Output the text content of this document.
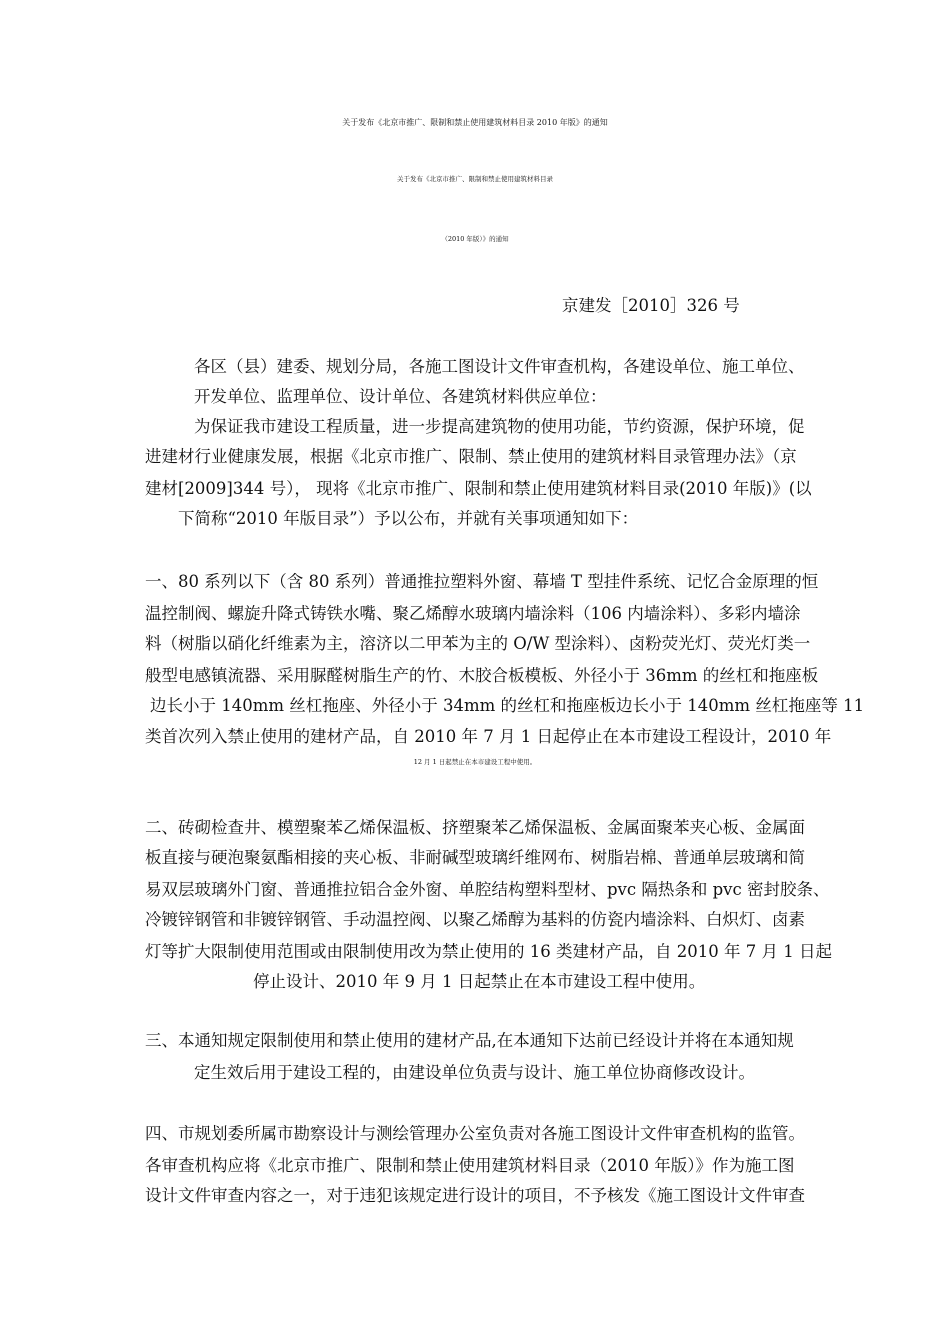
关于发布《北京市推广、限制和禁止使用建筑材料目录 2010 年版》的通知
关于发布《北京市推广、限制和禁止使用建筑材料目录
（2010 年版）》的通知
京建发［2010］326 号
各区（县）建委、规划分局，各施工图设计文件审查机构，各建设单位、施工单位、
开发单位、监理单位、设计单位、各建筑材料供应单位：
为保证我市建设工程质量，进一步提高建筑物的使用功能，节约资源，保护环境，促
进建材行业健康发展，根据《北京市推广、限制、禁止使用的建筑材料目录管理办法》（京
建材[2009]344 号）， 现将《北京市推广、限制和禁止使用建筑材料目录(2010 年版)》(以
下简称“2010 年版目录”）予以公布，并就有关事项通知如下：
一、80 系列以下（含 80 系列）普通推拉塑料外窗、幕墙 T 型挂件系统、记忆合金原理的恒
温控制阀、螺旋升降式铸铁水嘴、聚乙烯醇水玻璃内墙涂料（106 内墙涂料）、多彩内墙涂
料（树脂以硝化纤维素为主，溶济以二甲苯为主的 O/W 型涂料）、卤粉荧光灯、荧光灯类一
般型电感镇流器、采用脲醛树脂生产的竹、木胶合板模板、外径小于 36mm 的丝杠和拖座板
边长小于 140mm 丝杠拖座、外径小于 34mm 的丝杠和拖座板边长小于 140mm 丝杠拖座等 11
类首次列入禁止使用的建材产品，自 2010 年 7 月 1 日起停止在本市建设工程设计，2010 年
12 月 1 日起禁止在本市建设工程中使用。
二、砖砌检查井、模塑聚苯乙烯保温板、挤塑聚苯乙烯保温板、金属面聚苯夹心板、金属面
板直接与硬泡聚氨酯相接的夹心板、非耐碱型玻璃纤维网布、树脂岩棉、普通单层玻璃和简
易双层玻璃外门窗、普通推拉铝合金外窗、单腔结构塑料型材、pvc 隔热条和 pvc 密封胶条、
冷镀锌钢管和非镀锌钢管、手动温控阀、以聚乙烯醇为基料的仿瓷内墙涂料、白炽灯、卤素
灯等扩大限制使用范围或由限制使用改为禁止使用的 16 类建材产品，自 2010 年 7 月 1 日起
停止设计、2010 年 9 月 1 日起禁止在本市建设工程中使用。
三、本通知规定限制使用和禁止使用的建材产品,在本通知下达前已经设计并将在本通知规
定生效后用于建设工程的，由建设单位负责与设计、施工单位协商修改设计。
四、市规划委所属市勘察设计与测绘管理办公室负责对各施工图设计文件审查机构的监管。
各审查机构应将《北京市推广、限制和禁止使用建筑材料目录（2010 年版）》作为施工图
设计文件审查内容之一，对于违犯该规定进行设计的项目，不予核发《施工图设计文件审查
